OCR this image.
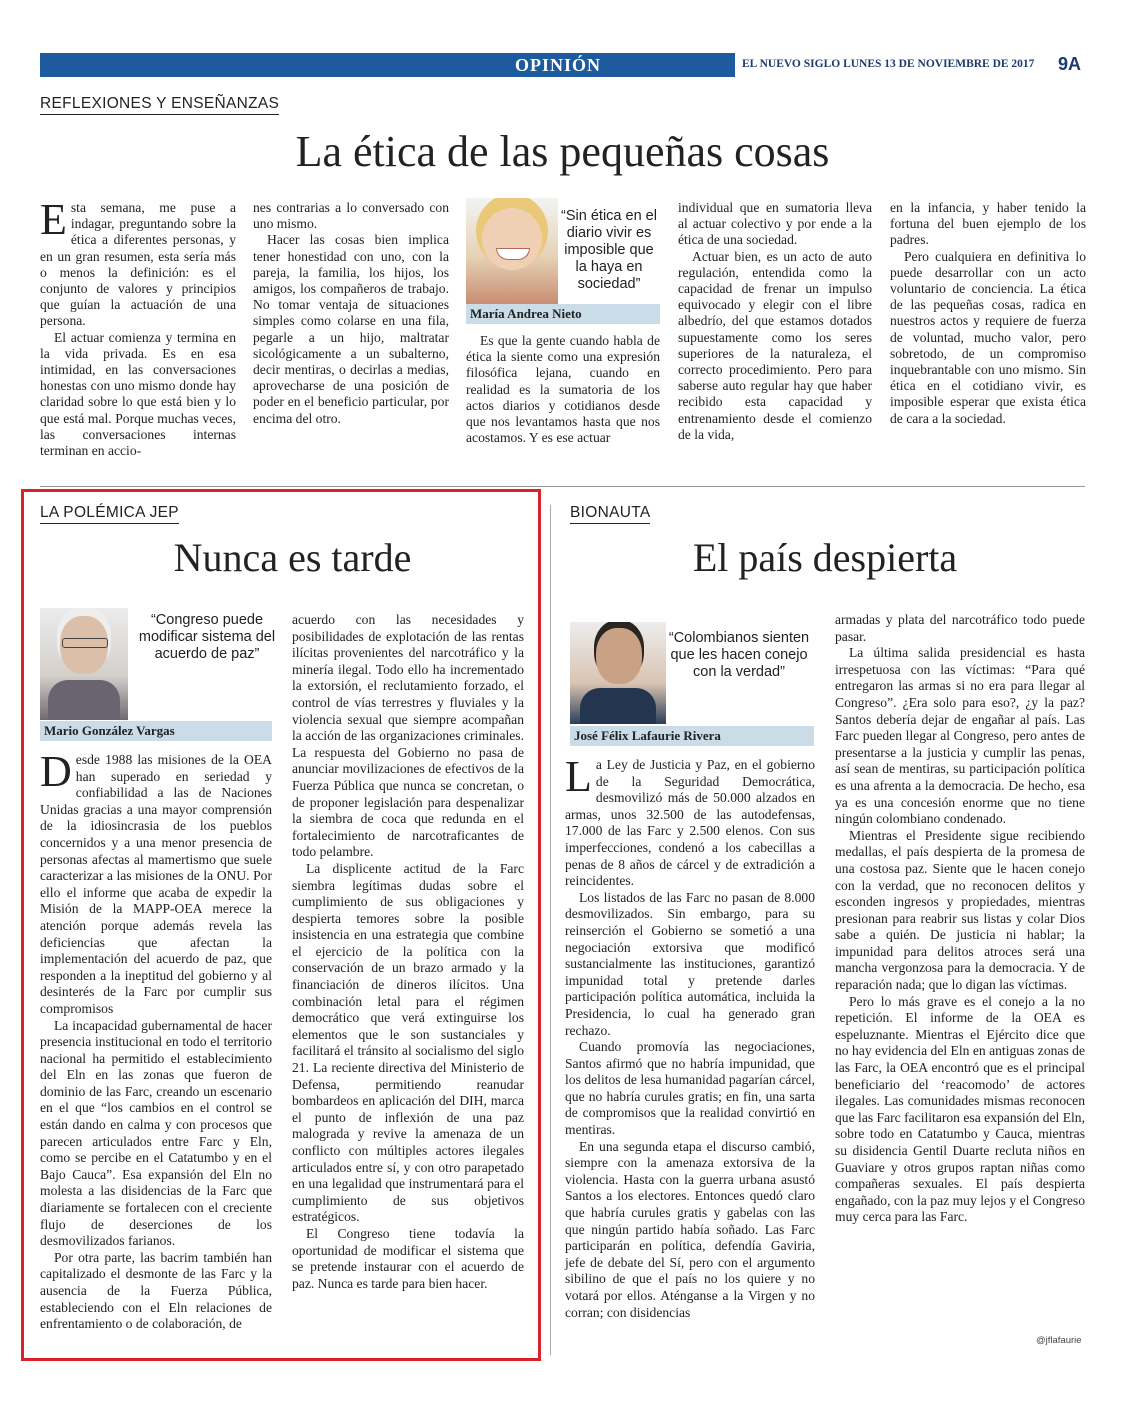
OPINIÓN	EL NUEVO SIGLO LUNES 13 DE NOVIEMBRE DE 2017 9A
REFLEXIONES Y ENSEÑANZAS
La ética de las pequeñas cosas

Esta semana, me puse a indagar, preguntando sobre la ética a diferentes personas, y en un gran resumen, esta sería más o menos la definición: es el conjunto de valores y principios que guían la actuación de una persona.

El actuar comienza y termina en la vida privada. Es en esa intimidad, en las conversaciones honestas con uno mismo donde hay claridad sobre lo que está bien y lo que está mal. Porque muchas veces, las conversaciones internas terminan en accio-

nes contrarias a lo conversado con uno mismo.

Hacer las cosas bien implica tener honestidad con uno, con la pareja, la familia, los hijos, los amigos, los compañeros de trabajo. No tomar ventaja de situaciones simples como colarse en una fila, pegarle a un hijo, maltratar sicológicamente a un subalterno, decir mentiras, o decirlas a medias, aprovecharse de una posición de poder en el beneficio particular, por encima del otro.

“Sin ética en el diario vivir es imposible que la haya en sociedad”
María Andrea Nieto

Es que la gente cuando habla de ética la siente como una expresión filosófica lejana, cuando en realidad es la sumatoria de los actos diarios y cotidianos desde que nos levantamos hasta que nos acostamos. Y es ese actuar

individual que en sumatoria lleva al actuar colectivo y por ende a la ética de una sociedad.

Actuar bien, es un acto de auto regulación, entendida como la capacidad de frenar un impulso equivocado y elegir con el libre albedrío, del que estamos dotados supuestamente como los seres superiores de la naturaleza, el correcto procedimiento. Pero para saberse auto regular hay que haber recibido esta capacidad y entrenamiento desde el comienzo de la vida,

en la infancia, y haber tenido la fortuna del buen ejemplo de los padres.

Pero cualquiera en definitiva lo puede desarrollar con un acto voluntario de conciencia. La ética de las pequeñas cosas, radica en nuestros actos y requiere de fuerza de voluntad, mucho valor, pero sobretodo, de un compromiso inquebrantable con uno mismo. Sin ética en el cotidiano vivir, es imposible esperar que exista ética de cara a la sociedad.

LA POLÉMICA JEP
Nunca es tarde
“Congreso puede modificar sistema del acuerdo de paz”
Mario González Vargas

Desde 1988 las misiones de la OEA han superado en seriedad y confiabilidad a las de Naciones Unidas gracias a una mayor comprensión de la idiosincrasia de los pueblos concernidos y a una menor presencia de personas afectas al mamertismo que suele caracterizar a las misiones de la ONU. Por ello el informe que acaba de expedir la Misión de la MAPP-OEA merece la atención porque además revela las deficiencias que afectan la implementación del acuerdo de paz, que responden a la ineptitud del gobierno y al desinterés de la Farc por cumplir sus compromisos

La incapacidad gubernamental de hacer presencia institucional en todo el territorio nacional ha permitido el establecimiento del Eln en las zonas que fueron de dominio de las Farc, creando un escenario en el que “los cambios en el control se están dando en calma y con procesos que parecen articulados entre Farc y Eln, como se percibe en el Catatumbo y en el Bajo Cauca”. Esa expansión del Eln no molesta a las disidencias de la Farc que diariamente se fortalecen con el creciente flujo de deserciones de los desmovilizados farianos.

Por otra parte, las bacrim también han capitalizado el desmonte de las Farc y la ausencia de la Fuerza Pública, estableciendo con el Eln relaciones de enfrentamiento o de colaboración, de

acuerdo con las necesidades y posibilidades de explotación de las rentas ilícitas provenientes del narcotráfico y la minería ilegal. Todo ello ha incrementado la extorsión, el reclutamiento forzado, el control de vías terrestres y fluviales y la violencia sexual que siempre acompañan la acción de las organizaciones criminales. La respuesta del Gobierno no pasa de anunciar movilizaciones de efectivos de la Fuerza Pública que nunca se concretan, o de proponer legislación para despenalizar la siembra de coca que redunda en el fortalecimiento de narcotraficantes de todo pelambre.

La displicente actitud de la Farc siembra legítimas dudas sobre el cumplimiento de sus obligaciones y despierta temores sobre la posible insistencia en una estrategia que combine el ejercicio de la política con la conservación de un brazo armado y la financiación de dineros ilícitos. Una combinación letal para el régimen democrático que verá extinguirse los elementos que le son sustanciales y facilitará el tránsito al socialismo del siglo 21. La reciente directiva del Ministerio de Defensa, permitiendo reanudar bombardeos en aplicación del DIH, marca el punto de inflexión de una paz malograda y revive la amenaza de un conflicto con múltiples actores ilegales articulados entre sí, y con otro parapetado en una legalidad que instrumentará para el cumplimiento de sus objetivos estratégicos.

El Congreso tiene todavía la oportunidad de modificar el sistema que se pretende instaurar con el acuerdo de paz. Nunca es tarde para bien hacer.

BIONAUTA
El país despierta
“Colombianos sienten que les hacen conejo con la verdad”
José Félix Lafaurie Rivera

La Ley de Justicia y Paz, en el gobierno de la Seguridad Democrática, desmovilizó más de 50.000 alzados en armas, unos 32.500 de las autodefensas, 17.000 de las Farc y 2.500 elenos. Con sus imperfecciones, condenó a los cabecillas a penas de 8 años de cárcel y de extradición a reincidentes.

Los listados de las Farc no pasan de 8.000 desmovilizados. Sin embargo, para su reinserción el Gobierno se sometió a una negociación extorsiva que modificó sustancialmente las instituciones, garantizó impunidad total y pretende darles participación política automática, incluida la Presidencia, lo cual ha generado gran rechazo.

Cuando promovía las negociaciones, Santos afirmó que no habría impunidad, que los delitos de lesa humanidad pagarían cárcel, que no habría curules gratis; en fin, una sarta de compromisos que la realidad convirtió en mentiras.

En una segunda etapa el discurso cambió, siempre con la amenaza extorsiva de la violencia. Hasta con la guerra urbana asustó Santos a los electores. Entonces quedó claro que habría curules gratis y gabelas con las que ningún partido había soñado. Las Farc participarán en política, defendía Gaviria, jefe de debate del Sí, pero con el argumento sibilino de que el país no los quiere y no votará por ellos. Aténganse a la Virgen y no corran; con disidencias

armadas y plata del narcotráfico todo puede pasar.

La última salida presidencial es hasta irrespetuosa con las víctimas: “Para qué entregaron las armas si no era para llegar al Congreso”. ¿Era solo para eso?, ¿y la paz? Santos debería dejar de engañar al país. Las Farc pueden llegar al Congreso, pero antes de presentarse a la justicia y cumplir las penas, así sean de mentiras, su participación política es una afrenta a la democracia. De hecho, esa ya es una concesión enorme que no tiene ningún colombiano condenado.

Mientras el Presidente sigue recibiendo medallas, el país despierta de la promesa de una costosa paz. Siente que le hacen conejo con la verdad, que no reconocen delitos y esconden ingresos y propiedades, mientras presionan para reabrir sus listas y colar Dios sabe a quién. De justicia ni hablar; la impunidad para delitos atroces será una mancha vergonzosa para la democracia. Y de reparación nada; que lo digan las víctimas.

Pero lo más grave es el conejo a la no repetición. El informe de la OEA es espeluznante. Mientras el Ejército dice que no hay evidencia del Eln en antiguas zonas de las Farc, la OEA encontró que es el principal beneficiario del ‘reacomodo’ de actores ilegales. Las comunidades mismas reconocen que las Farc facilitaron esa expansión del Eln, sobre todo en Catatumbo y Cauca, mientras su disidencia Gentil Duarte recluta niños en Guaviare y otros grupos raptan niñas como compañeras sexuales. El país despierta engañado, con la paz muy lejos y el Congreso muy cerca para las Farc.

@jflafaurie
